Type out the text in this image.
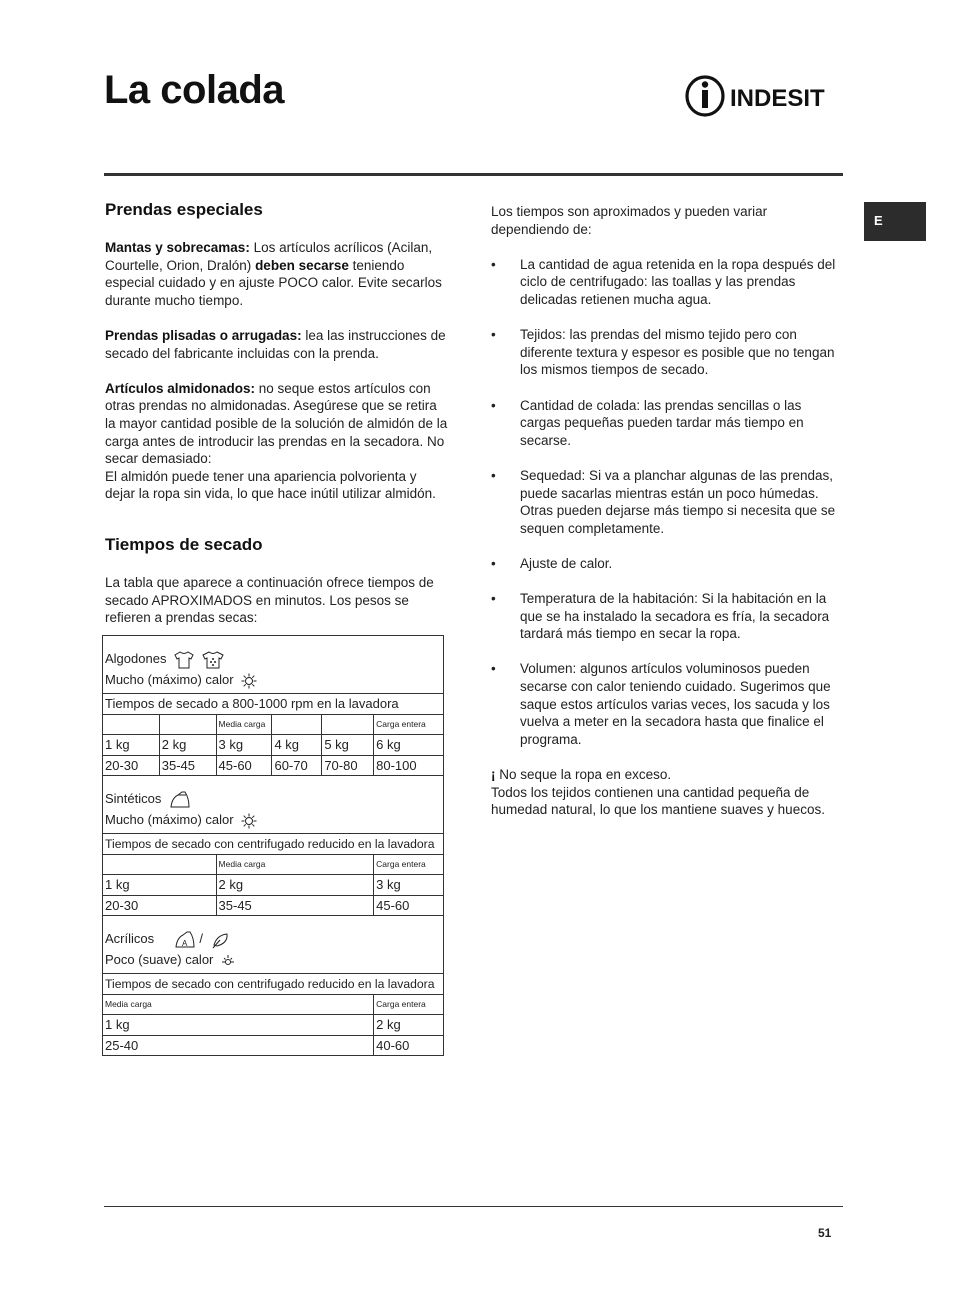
La colada	INDESIT
E
Prendas especiales

Mantas y sobrecamas: Los artículos acrílicos (Acilan, Courtelle, Orion, Dralón) deben secarse teniendo especial cuidado y en ajuste POCO calor. Evite secarlos durante mucho tiempo.

Prendas plisadas o arrugadas: lea las instrucciones de secado del fabricante incluidas con la prenda.

Artículos almidonados: no seque estos artículos con otras prendas no almidonadas. Asegúrese que se retira la mayor cantidad posible de la solución de almidón de la carga antes de introducir las prendas en la secadora. No secar demasiado:
El almidón puede tener una apariencia polvorienta y dejar la ropa sin vida, lo que hace inútil utilizar almidón.

Tiempos de secado

La tabla que aparece a continuación ofrece tiempos de secado APROXIMADOS en minutos. Los pesos se refieren a prendas secas:

Algodones
Mucho (máximo) calor					
Tiempos de secado a 800-1000 rpm en la lavadora					
		Media carga			Carga entera
1 kg	2 kg	3 kg	4 kg	5 kg	6 kg
20-30	35-45	45-60	60-70	70-80	80-100
Sintéticos
Mucho (máximo) calor					
Tiempos de secado con centrifugado reducido en la lavadora					
		Media carga			Carga entera
1 kg		2 kg			3 kg
20-30		35-45			45-60
Acrílicos A /
Poco (suave) calor					
Tiempos de secado con centrifugado reducido en la lavadora					
Media carga					Carga entera
1 kg					2 kg
25-40					40-60

Los tiempos son aproximados y pueden variar dependiendo de:

• La cantidad de agua retenida en la ropa después del ciclo de centrifugado: las toallas y las prendas delicadas retienen mucha agua.
• Tejidos: las prendas del mismo tejido pero con diferente textura y espesor es posible que no tengan los mismos tiempos de secado.
• Cantidad de colada: las prendas sencillas o las cargas pequeñas pueden tardar más tiempo en secarse.
• Sequedad: Si va a planchar algunas de las prendas, puede sacarlas mientras están un poco húmedas. Otras pueden dejarse más tiempo si necesita que se sequen completamente.
• Ajuste de calor.
• Temperatura de la habitación: Si la habitación en la que se ha instalado la secadora es fría, la secadora tardará más tiempo en secar la ropa.
• Volumen: algunos artículos voluminosos pueden secarse con calor teniendo cuidado. Sugerimos que saque estos artículos varias veces, los sacuda y los vuelva a meter en la secadora hasta que finalice el programa.

¡ No seque la ropa en exceso.
Todos los tejidos contienen una cantidad pequeña de humedad natural, lo que los mantiene suaves y huecos.

51
